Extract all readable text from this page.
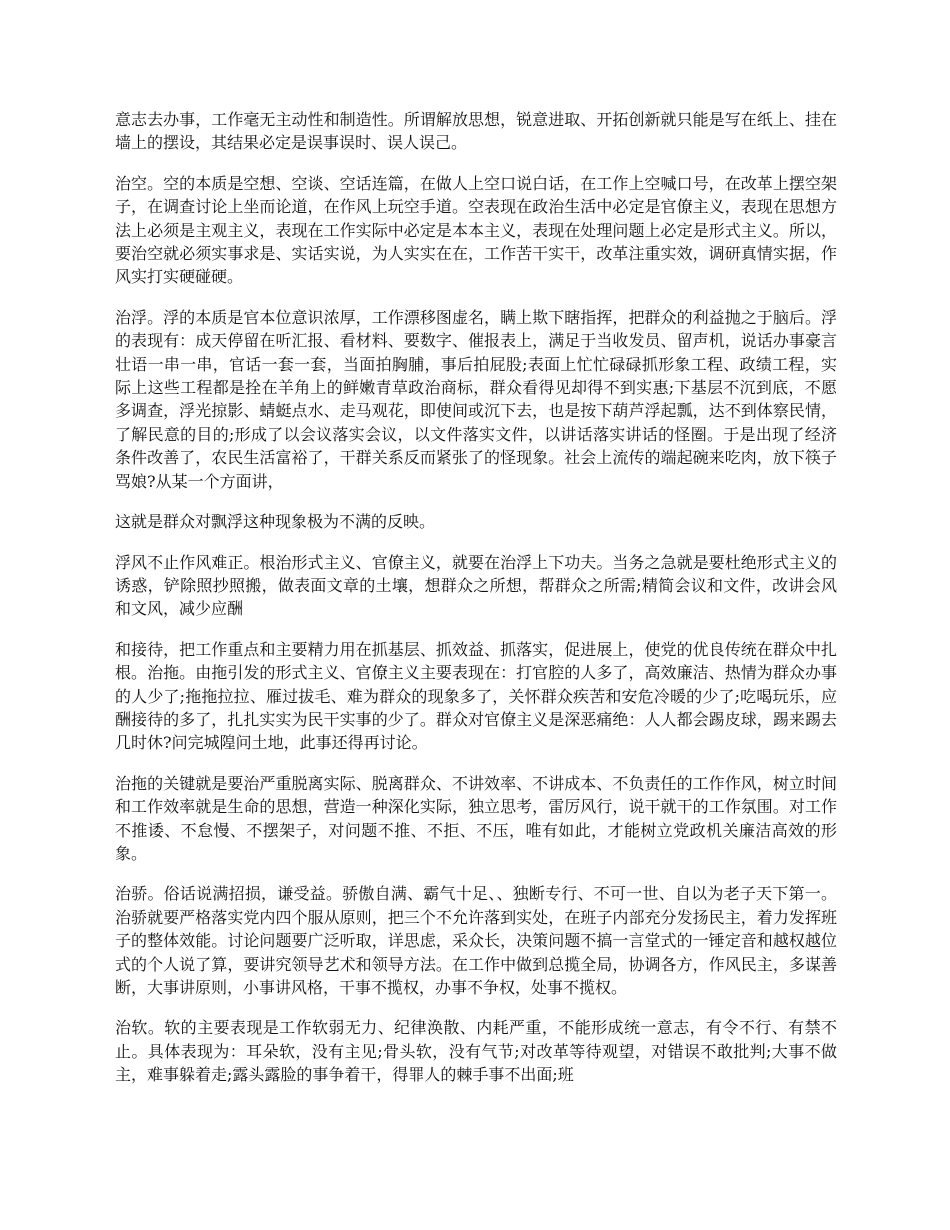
意志去办事，工作毫无主动性和制造性。所谓解放思想，锐意进取、开拓创新就只能是写在纸上、挂在墙上的摆设，其结果必定是误事误时、误人误己。

治空。空的本质是空想、空谈、空话连篇，在做人上空口说白话，在工作上空喊口号，在改革上摆空架子，在调查讨论上坐而论道，在作风上玩空手道。空表现在政治生活中必定是官僚主义，表现在思想方法上必须是主观主义，表现在工作实际中必定是本本主义，表现在处理问题上必定是形式主义。所以，要治空就必须实事求是、实话实说，为人实实在在，工作苦干实干，改革注重实效，调研真情实据，作风实打实硬碰硬。

治浮。浮的本质是官本位意识浓厚，工作漂移图虚名，瞒上欺下瞎指挥，把群众的利益抛之于脑后。浮的表现有：成天停留在听汇报、看材料、要数字、催报表上，满足于当收发员、留声机，说话办事豪言壮语一串一串，官话一套一套，当面拍胸脯，事后拍屁股;表面上忙忙碌碌抓形象工程、政绩工程，实际上这些工程都是拴在羊角上的鲜嫩青草政治商标，群众看得见却得不到实惠;下基层不沉到底，不愿多调查，浮光掠影、蜻蜓点水、走马观花，即使间或沉下去，也是按下葫芦浮起瓢，达不到体察民情，了解民意的目的;形成了以会议落实会议，以文件落实文件，以讲话落实讲话的怪圈。于是出现了经济条件改善了，农民生活富裕了，干群关系反而紧张了的怪现象。社会上流传的端起碗来吃肉，放下筷子骂娘?从某一个方面讲，

这就是群众对飘浮这种现象极为不满的反映。

浮风不止作风难正。根治形式主义、官僚主义，就要在治浮上下功夫。当务之急就是要杜绝形式主义的诱惑，铲除照抄照搬，做表面文章的土壤，想群众之所想，帮群众之所需;精简会议和文件，改讲会风和文风，减少应酬

和接待，把工作重点和主要精力用在抓基层、抓效益、抓落实，促进展上，使党的优良传统在群众中扎根。治拖。由拖引发的形式主义、官僚主义主要表现在：打官腔的人多了，高效廉洁、热情为群众办事的人少了;拖拖拉拉、雁过拔毛、难为群众的现象多了，关怀群众疾苦和安危冷暖的少了;吃喝玩乐，应酬接待的多了，扎扎实实为民干实事的少了。群众对官僚主义是深恶痛绝：人人都会踢皮球，踢来踢去几时休?问完城隍问土地，此事还得再讨论。

治拖的关键就是要治严重脱离实际、脱离群众、不讲效率、不讲成本、不负责任的工作作风，树立时间和工作效率就是生命的思想，营造一种深化实际，独立思考，雷厉风行，说干就干的工作氛围。对工作不推诿、不怠慢、不摆架子，对问题不推、不拒、不压，唯有如此，才能树立党政机关廉洁高效的形象。

治骄。俗话说满招损，谦受益。骄傲自满、霸气十足、、独断专行、不可一世、自以为老子天下第一。治骄就要严格落实党内四个服从原则，把三个不允许落到实处，在班子内部充分发扬民主，着力发挥班子的整体效能。讨论问题要广泛听取，详思虑，采众长，决策问题不搞一言堂式的一锤定音和越权越位式的个人说了算，要讲究领导艺术和领导方法。在工作中做到总揽全局，协调各方，作风民主，多谋善断，大事讲原则，小事讲风格，干事不揽权，办事不争权，处事不揽权。

治软。软的主要表现是工作软弱无力、纪律涣散、内耗严重，不能形成统一意志，有令不行、有禁不止。具体表现为：耳朵软，没有主见;骨头软，没有气节;对改革等待观望，对错误不敢批判;大事不做主，难事躲着走;露头露脸的事争着干，得罪人的棘手事不出面;班
